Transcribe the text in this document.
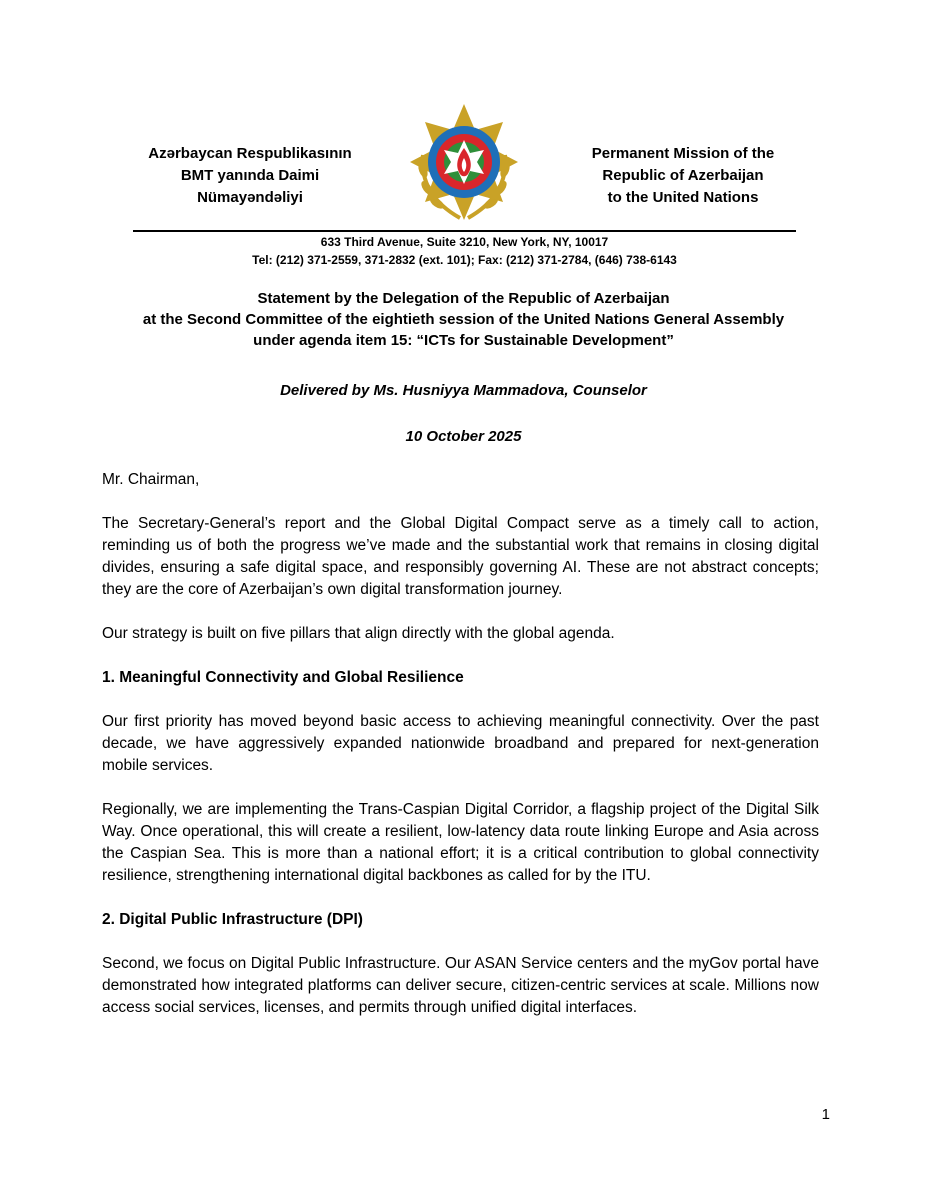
Azərbaycan Respublikasının
BMT yanında Daimi
Nümayəndəliyi
Permanent Mission of the
Republic of Azerbaijan
to the United Nations
633 Third Avenue, Suite 3210, New York, NY, 10017
Tel: (212) 371-2559, 371-2832 (ext. 101); Fax: (212) 371-2784, (646) 738-6143
Statement by the Delegation of the Republic of Azerbaijan
at the Second Committee of the eightieth session of the United Nations General Assembly
under agenda item 15: “ICTs for Sustainable Development”
Delivered by Ms. Husniyya Mammadova, Counselor
10 October 2025
Mr. Chairman,
The Secretary-General’s report and the Global Digital Compact serve as a timely call to action, reminding us of both the progress we’ve made and the substantial work that remains in closing digital divides, ensuring a safe digital space, and responsibly governing AI. These are not abstract concepts; they are the core of Azerbaijan’s own digital transformation journey.
Our strategy is built on five pillars that align directly with the global agenda.
1. Meaningful Connectivity and Global Resilience
Our first priority has moved beyond basic access to achieving meaningful connectivity. Over the past decade, we have aggressively expanded nationwide broadband and prepared for next-generation mobile services.
Regionally, we are implementing the Trans-Caspian Digital Corridor, a flagship project of the Digital Silk Way. Once operational, this will create a resilient, low-latency data route linking Europe and Asia across the Caspian Sea. This is more than a national effort; it is a critical contribution to global connectivity resilience, strengthening international digital backbones as called for by the ITU.
2. Digital Public Infrastructure (DPI)
Second, we focus on Digital Public Infrastructure. Our ASAN Service centers and the myGov portal have demonstrated how integrated platforms can deliver secure, citizen-centric services at scale. Millions now access social services, licenses, and permits through unified digital interfaces.
1
